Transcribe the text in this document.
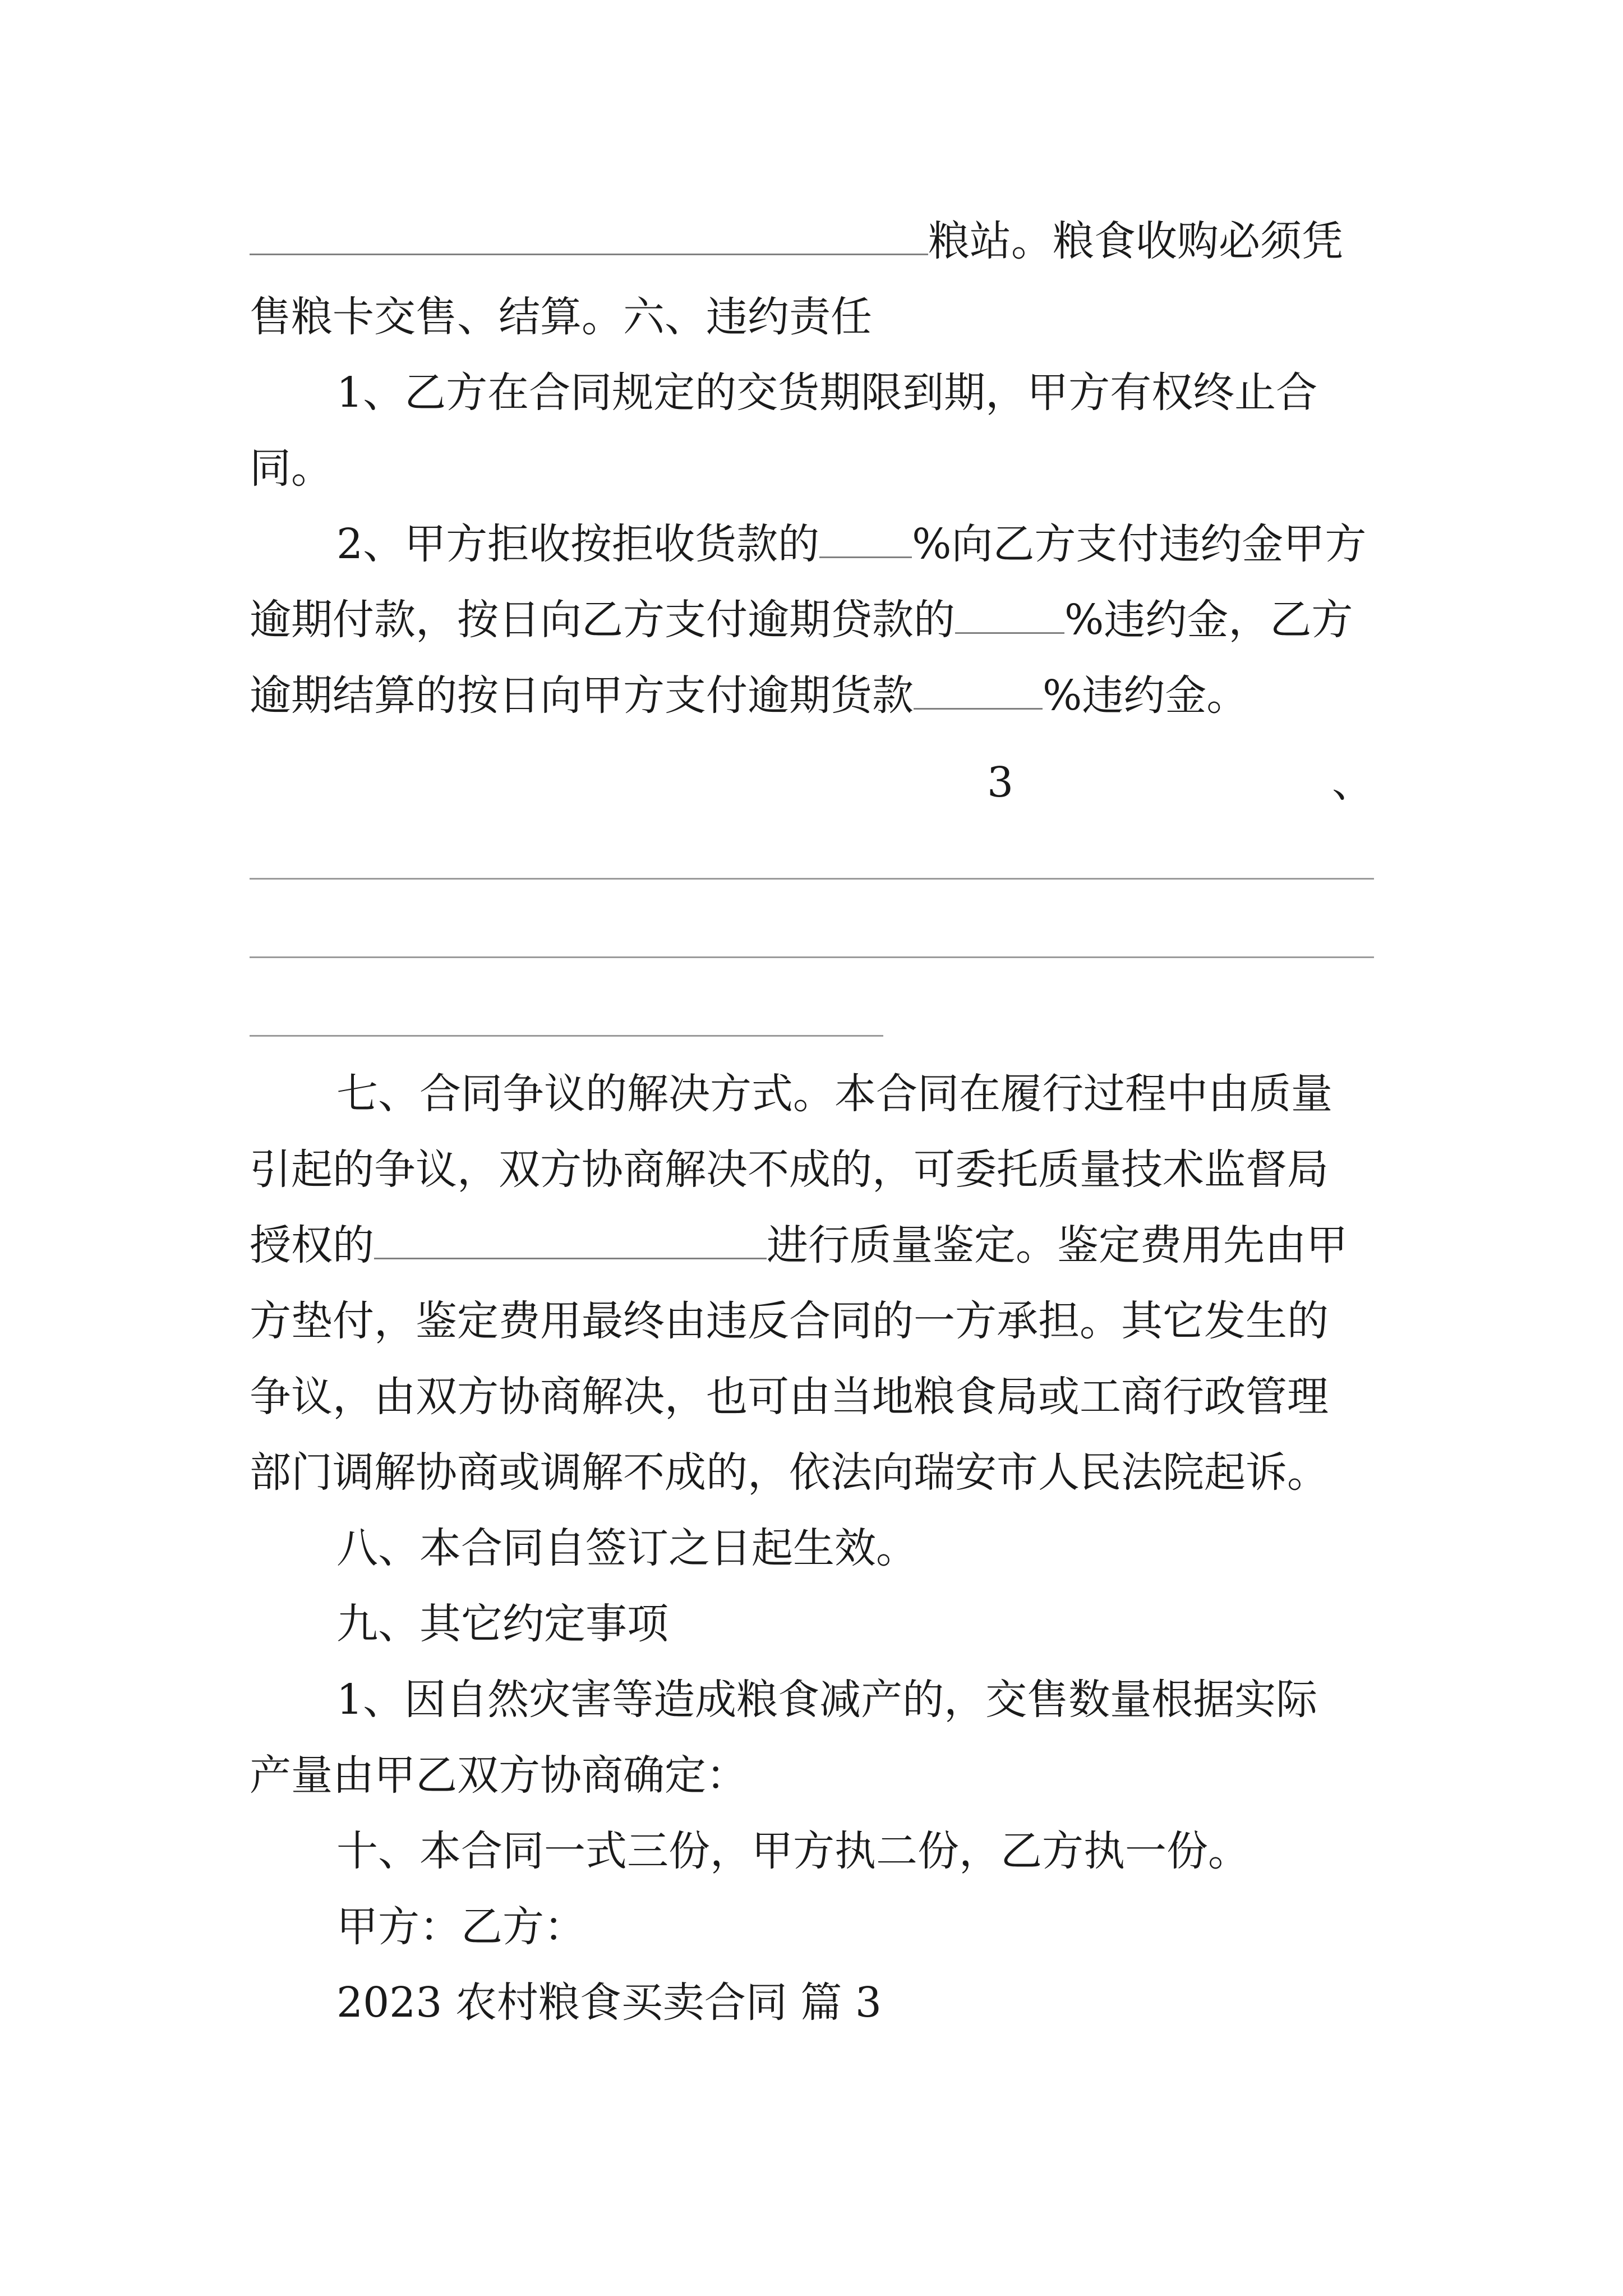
粮站。粮食收购必须凭
售粮卡交售、结算。六、违约责任
1、乙方在合同规定的交货期限到期，甲方有权终止合
同。
2、甲方拒收按拒收货款的 %向乙方支付违约金甲方
逾期付款，按日向乙方支付逾期贷款的	%违约金，乙方
逾期结算的按日向甲方支付逾期货款	%违约金。
3	、
七、合同争议的解决方式。本合同在履行过程中由质量
引起的争议，双方协商解决不成的，可委托质量技术监督局
授权的	进行质量鉴定。鉴定费用先由甲
方垫付，鉴定费用最终由违反合同的一方承担。其它发生的
争议，由双方协商解决，也可由当地粮食局或工商行政管理
部门调解协商或调解不成的，依法向瑞安市人民法院起诉。
八、本合同自签订之日起生效。
九、其它约定事项
1、因自然灾害等造成粮食减产的，交售数量根据实际
产量由甲乙双方协商确定：
十、本合同一式三份，甲方执二份，乙方执一份。
甲方：乙方：
2023 农村粮食买卖合同 篇 3
